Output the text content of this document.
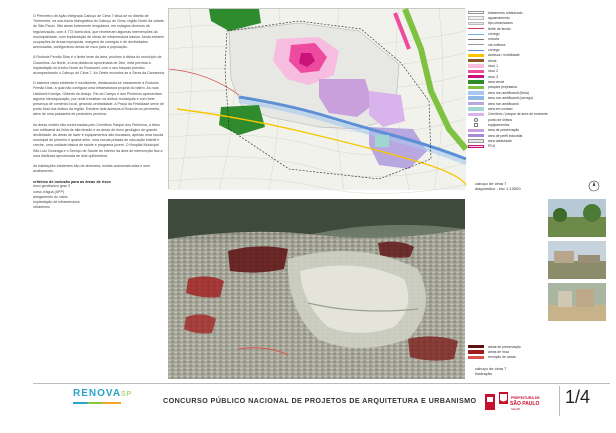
O Perímetro de Ação Integrada Cabuçu de Cima 7 situa-se no distrito de Tremembé, na sub-bacia hidrográfica do Cabuçu de Cima, região Norte da cidade de São Paulo. São áreas fortemente irregulares, em estágios diversos de regularização, com 4.772 domicílios, que receberam algumas intervenções da municipalidade, com implantação de obras de infraestrutura básica. Ainda existem ocupações de áreas impróprias, margens de córregos e de declividades acentuadas, configurando áreas de risco para a população.

A Rodovia Fernão Dias é o limite leste da área, próximo à divisa do município de Guarulhos. Ao Norte, a uma distância aproximada de 2km, está prevista a implantação do trecho Norte do Rodoanel, com o seu traçado previsto acompanhando o Cabuçu de Cima 7. Ao Oeste encontra-se a Serra da Cantareira.

O sistema viário existente é insuficiente, destacando-se unicamente a Rodovia Fernão Dias, à qual não configura uma infraestrutura própria do bairro. As ruas Ushikichi Kamiya, Gilberto de Araújo, Rio do Campo e dos Pinheiros apresentam alguma hierarquização, por onde transitam os ônibus municipais e com forte presença de comércio local, gerando centralidade. A Praça da Felicidade serve de ponto final dos ônibus da região. Existem dois acessos à Rodovia no perímetro, além de uma passarela de pedestres próxima.

As áreas verdes são conformadas pelo Cemitério Parque dos Pinheiros, a faixa non edificandi da linha de alta tensão e as áreas de risco geológico de grande declividade. As áreas de lazer e equipamentos são escassos, apenas uma escola municipal de primeiro e quarta série, uma escola privada de educação infantil e creche, uma unidade básica de saúde e programa jovem. O Hospital Municipal São Luiz Gonzaga e o Serviço de Saúde do Interior da área de intervenção fica a uma distância aproximada de dois quilômetros.

As habitações existentes são de alvenaria, muitas autoconstruídas e sem acabamento.

critérios de inclusão para as áreas de risco

risco geotécnico grau 3

curso d'água (APP)

alargamento do viário

implantação de infraestrutura

urbanismo

loteamento urbanizado
aguamamento
tipo urbanizados
limite de tecido
córrego
rodovia
via coletora
córrego
acessos / mobilidade
áreas
risco 1
risco 2
risco 3
área verde
parques projetados
área non aedificandi (linha)
área non aedificandi (córrego)
área non aedificandi
área em contato
Cemitério / parque de área de enchente
ponto de ônibus
equipamentos
área de preservação
área de perfil industrial
área catastrada
PDU
cabuçu de cima 7
diagnóstico - esc 1:10000
áreas de preservação
áreas de risco
remoção de casas
cabuçu de cima 7
ilustração
RENOVASP
CONCURSO PÚBLICO NACIONAL DE PROJETOS DE ARQUITETURA E URBANISMO	PREFEITURA DE
SÃO PAULO
SEHAB
1/4
